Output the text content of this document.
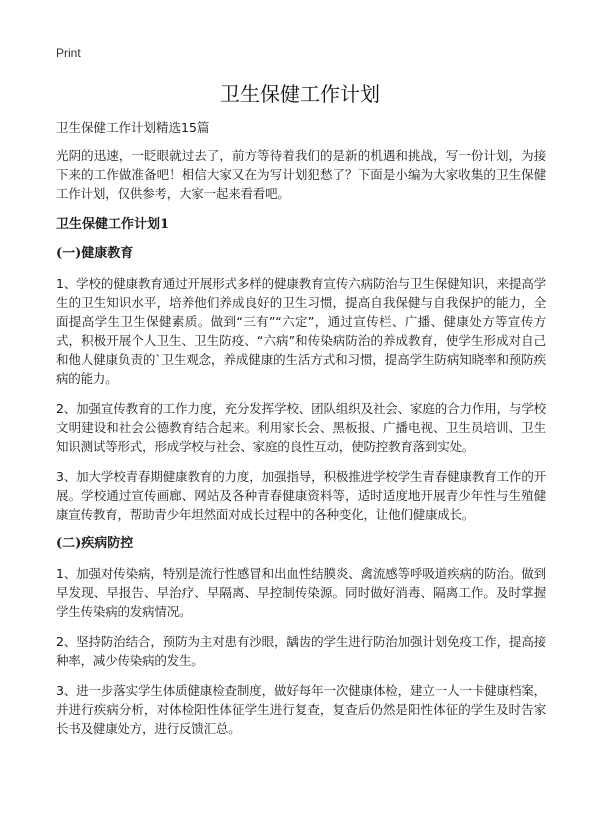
Print
卫生保健工作计划
卫生保健工作计划精选15篇

光阴的迅速，一眨眼就过去了，前方等待着我们的是新的机遇和挑战，写一份计划，为接下来的工作做准备吧！相信大家又在为写计划犯愁了？下面是小编为大家收集的卫生保健工作计划，仅供参考，大家一起来看看吧。

卫生保健工作计划1
(一)健康教育

1、学校的健康教育通过开展形式多样的健康教育宣传六病防治与卫生保健知识，来提高学生的卫生知识水平，培养他们养成良好的卫生习惯，提高自我保健与自我保护的能力，全面提高学生卫生保健素质。做到“三有”“六定”，通过宣传栏、广播、健康处方等宣传方式，积极开展个人卫生、卫生防疫、“六病”和传染病防治的养成教育，使学生形成对自己和他人健康负责的`卫生观念，养成健康的生活方式和习惯，提高学生防病知晓率和预防疾病的能力。

2、加强宣传教育的工作力度，充分发挥学校、团队组织及社会、家庭的合力作用，与学校文明建设和社会公德教育结合起来。利用家长会、黑板报、广播电视、卫生员培训、卫生知识测试等形式，形成学校与社会、家庭的良性互动，使防控教育落到实处。

3、加大学校青春期健康教育的力度，加强指导，积极推进学校学生青春健康教育工作的开展。学校通过宣传画廊、网站及各种青春健康资料等，适时适度地开展青少年性与生殖健康宣传教育，帮助青少年坦然面对成长过程中的各种变化，让他们健康成长。

(二)疾病防控

1、加强对传染病，特别是流行性感冒和出血性结膜炎、禽流感等呼吸道疾病的防治。做到早发现、早报告、早治疗、早隔离、早控制传染源。同时做好消毒、隔离工作。及时掌握学生传染病的发病情况。

2、坚持防治结合，预防为主对患有沙眼，龋齿的学生进行防治加强计划免疫工作，提高接种率，减少传染病的发生。

3、进一步落实学生体质健康检查制度，做好每年一次健康体检，建立一人一卡健康档案，并进行疾病分析，对体检阳性体征学生进行复查，复查后仍然是阳性体征的学生及时告家长书及健康处方，进行反馈汇总。
